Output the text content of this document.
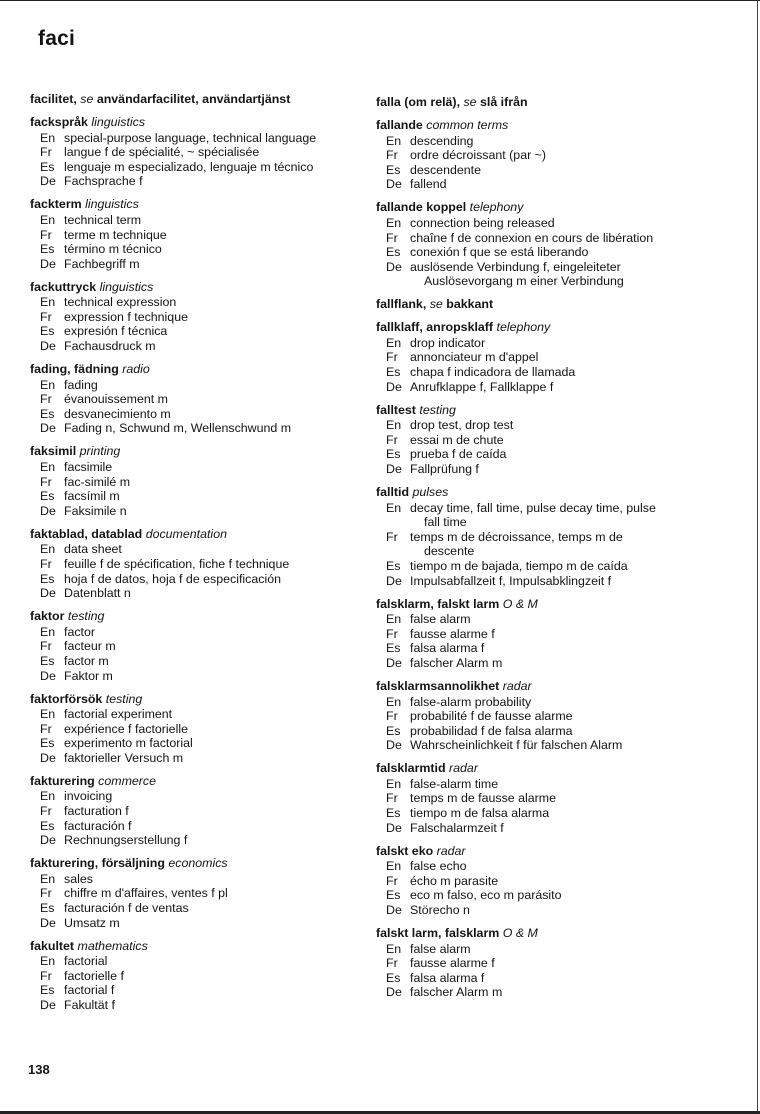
faci
facilitet, se användarfacilitet, användartjänst
fackspråk linguistics
En special-purpose language, technical language
Fr langue f de spécialité, ~ spécialisée
Es lenguaje m especializado, lenguaje m técnico
De Fachsprache f
fackterm linguistics
En technical term
Fr terme m technique
Es término m técnico
De Fachbegriff m
fackuttryck linguistics
En technical expression
Fr expression f technique
Es expresión f técnica
De Fachausdruck m
fading, fädning radio
En fading
Fr évanouissement m
Es desvanecimiento m
De Fading n, Schwund m, Wellenschwund m
faksimil printing
En facsimile
Fr fac-similé m
Es facsímil m
De Faksimile n
faktablad, datablad documentation
En data sheet
Fr feuille f de spécification, fiche f technique
Es hoja f de datos, hoja f de especificación
De Datenblatt n
faktor testing
En factor
Fr facteur m
Es factor m
De Faktor m
faktorförsök testing
En factorial experiment
Fr expérience f factorielle
Es experimento m factorial
De faktorieller Versuch m
fakturering commerce
En invoicing
Fr facturation f
Es facturación f
De Rechnungserstellung f
fakturering, försäljning economics
En sales
Fr chiffre m d'affaires, ventes f pl
Es facturación f de ventas
De Umsatz m
fakultet mathematics
En factorial
Fr factorielle f
Es factorial f
De Fakultät f
falla (om relä), se slå ifrån
fallande common terms
En descending
Fr ordre décroissant (par ~)
Es descendente
De fallend
fallande koppel telephony
En connection being released
Fr chaîne f de connexion en cours de libération
Es conexión f que se está liberando
De auslösende Verbindung f, eingeleiteter
Auslösevorgang m einer Verbindung
fallflank, se bakkant
fallklaff, anropsklaff telephony
En drop indicator
Fr annonciateur m d'appel
Es chapa f indicadora de llamada
De Anrufklappe f, Fallklappe f
falltest testing
En drop test, drop test
Fr essai m de chute
Es prueba f de caída
De Fallprüfung f
falltid pulses
En decay time, fall time, pulse decay time, pulse
fall time
Fr temps m de décroissance, temps m de
descente
Es tiempo m de bajada, tiempo m de caída
De Impulsabfallzeit f, Impulsabklingzeit f
falsklarm, falskt larm O & M
En false alarm
Fr fausse alarme f
Es falsa alarma f
De falscher Alarm m
falsklarmsannolikhet radar
En false-alarm probability
Fr probabilité f de fausse alarme
Es probabilidad f de falsa alarma
De Wahrscheinlichkeit f für falschen Alarm
falsklarmtid radar
En false-alarm time
Fr temps m de fausse alarme
Es tiempo m de falsa alarma
De Falschalarmzeit f
falskt eko radar
En false echo
Fr écho m parasite
Es eco m falso, eco m parásito
De Störecho n
falskt larm, falsklarm O & M
En false alarm
Fr fausse alarme f
Es falsa alarma f
De falscher Alarm m
138
